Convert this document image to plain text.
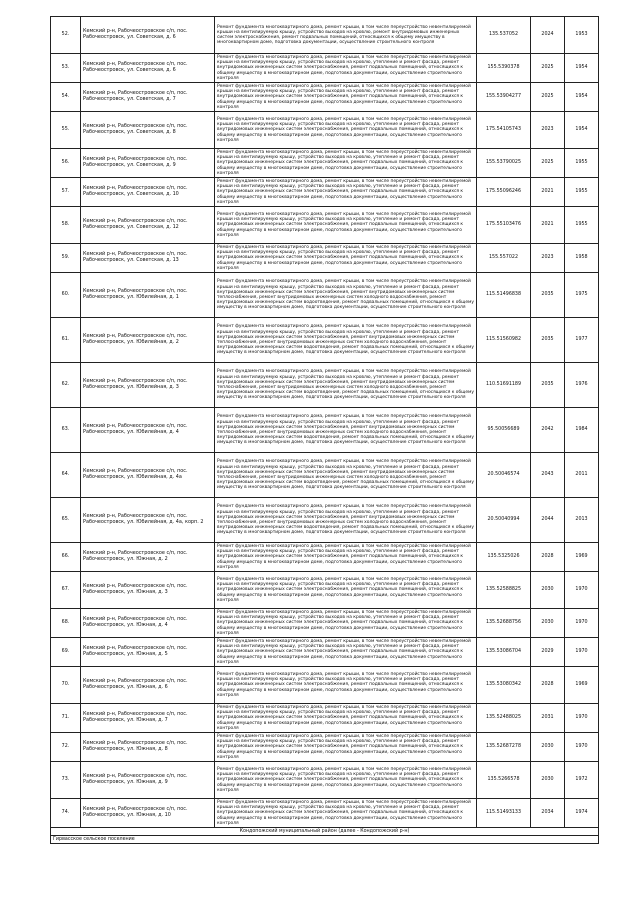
52.	Кемский р-н, Рабочеостровское с/п, пос. Рабочеостровск, ул. Советская, д. 6	Ремонт фундамента многоквартирного дома, ремонт крыши, в том числе переустройство невентилируемой крыши на вентилируемую крышу, устройство выходов на кровлю, ремонт внутридомовых инженерных систем электроснабжения, ремонт подвальных помещений, относящихся к общему имуществу в многоквартирном доме, подготовка документации, осуществление строительного контроля	135.537052	2024	1953
53.	Кемский р-н, Рабочеостровское с/п, пос. Рабочеостровск, ул. Советская, д. 6	Ремонт фундамента многоквартирного дома, ремонт крыши, в том числе переустройство невентилируемой крыши на вентилируемую крышу, устройство выходов на кровлю, утепление и ремонт фасада, ремонт внутридомовых инженерных систем электроснабжения, ремонт подвальных помещений, относящихся к общему имуществу в многоквартирном доме, подготовка документации, осуществление строительного контроля	155.5390378	2025	1954
54.	Кемский р-н, Рабочеостровское с/п, пос. Рабочеостровск, ул. Советская, д. 7	Ремонт фундамента многоквартирного дома, ремонт крыши, в том числе переустройство невентилируемой крыши на вентилируемую крышу, устройство выходов на кровлю, утепление и ремонт фасада, ремонт внутридомовых инженерных систем электроснабжения, ремонт подвальных помещений, относящихся к общему имуществу в многоквартирном доме, подготовка документации, осуществление строительного контроля	155.53904277	2025	1954
55.	Кемский р-н, Рабочеостровское с/п, пос. Рабочеостровск, ул. Советская, д. 8	Ремонт фундамента многоквартирного дома, ремонт крыши, в том числе переустройство невентилируемой крыши на вентилируемую крышу, устройство выходов на кровлю, утепление и ремонт фасада, ремонт внутридомовых инженерных систем электроснабжения, ремонт подвальных помещений, относящихся к общему имуществу в многоквартирном доме, подготовка документации, осуществление строительного контроля	175.54105743	2023	1954
56.	Кемский р-н, Рабочеостровское с/п, пос. Рабочеостровск, ул. Советская, д. 9	Ремонт фундамента многоквартирного дома, ремонт крыши, в том числе переустройство невентилируемой крыши на вентилируемую крышу, устройство выходов на кровлю, утепление и ремонт фасада, ремонт внутридомовых инженерных систем электроснабжения, ремонт подвальных помещений, относящихся к общему имуществу в многоквартирном доме, подготовка документации, осуществление строительного контроля	155.53790025	2025	1955
57.	Кемский р-н, Рабочеостровское с/п, пос. Рабочеостровск, ул. Советская, д. 10	Ремонт фундамента многоквартирного дома, ремонт крыши, в том числе переустройство невентилируемой крыши на вентилируемую крышу, устройство выходов на кровлю, утепление и ремонт фасада, ремонт внутридомовых инженерных систем электроснабжения, ремонт подвальных помещений, относящихся к общему имуществу в многоквартирном доме, подготовка документации, осуществление строительного контроля	175.55096246	2021	1955
58.	Кемский р-н, Рабочеостровское с/п, пос. Рабочеостровск, ул. Советская, д. 12	Ремонт фундамента многоквартирного дома, ремонт крыши, в том числе переустройство невентилируемой крыши на вентилируемую крышу, устройство выходов на кровлю, утепление и ремонт фасада, ремонт внутридомовых инженерных систем электроснабжения, ремонт подвальных помещений, относящихся к общему имуществу в многоквартирном доме, подготовка документации, осуществление строительного контроля	175.55103476	2021	1955
59.	Кемский р-н, Рабочеостровское с/п, пос. Рабочеостровск, ул. Советская, д. 13	Ремонт фундамента многоквартирного дома, ремонт крыши, в том числе переустройство невентилируемой крыши на вентилируемую крышу, устройство выходов на кровлю, утепление и ремонт фасада, ремонт внутридомовых инженерных систем электроснабжения, ремонт подвальных помещений, относящихся к общему имуществу в многоквартирном доме, подготовка документации, осуществление строительного контроля	155.557022	2023	1958
60.	Кемский р-н, Рабочеостровское с/п, пос. Рабочеостровск, ул. Юбилейная, д. 1	Ремонт фундамента многоквартирного дома, ремонт крыши, в том числе переустройство невентилируемой крыши на вентилируемую крышу, устройство выходов на кровлю, утепление и ремонт фасада, ремонт внутридомовых инженерных систем электроснабжения, ремонт внутридомовых инженерных систем теплоснабжения, ремонт внутридомовых инженерных систем холодного водоснабжения, ремонт внутридомовых инженерных систем водоотведения, ремонт подвальных помещений, относящихся к общему имуществу в многоквартирном доме, подготовка документации, осуществление строительного контроля	115.51496838	2035	1975
61.	Кемский р-н, Рабочеостровское с/п, пос. Рабочеостровск, ул. Юбилейная, д. 2	Ремонт фундамента многоквартирного дома, ремонт крыши, в том числе переустройство невентилируемой крыши на вентилируемую крышу, устройство выходов на кровлю, утепление и ремонт фасада, ремонт внутридомовых инженерных систем электроснабжения, ремонт внутридомовых инженерных систем теплоснабжения, ремонт внутридомовых инженерных систем холодного водоснабжения, ремонт внутридомовых инженерных систем водоотведения, ремонт подвальных помещений, относящихся к общему имуществу в многоквартирном доме, подготовка документации, осуществление строительного контроля	115.51560982	2035	1977
62.	Кемский р-н, Рабочеостровское с/п, пос. Рабочеостровск, ул. Юбилейная, д. 3	Ремонт фундамента многоквартирного дома, ремонт крыши, в том числе переустройство невентилируемой крыши на вентилируемую крышу, устройство выходов на кровлю, утепление и ремонт фасада, ремонт внутридомовых инженерных систем электроснабжения, ремонт внутридомовых инженерных систем теплоснабжения, ремонт внутридомовых инженерных систем холодного водоснабжения, ремонт внутридомовых инженерных систем водоотведения, ремонт подвальных помещений, относящихся к общему имуществу в многоквартирном доме, подготовка документации, осуществление строительного контроля	110.51691189	2035	1976
63.	Кемский р-н, Рабочеостровское с/п, пос. Рабочеостровск, ул. Юбилейная, д. 4	Ремонт фундамента многоквартирного дома, ремонт крыши, в том числе переустройство невентилируемой крыши на вентилируемую крышу, устройство выходов на кровлю, утепление и ремонт фасада, ремонт внутридомовых инженерных систем электроснабжения, ремонт внутридомовых инженерных систем теплоснабжения, ремонт внутридомовых инженерных систем холодного водоснабжения, ремонт внутридомовых инженерных систем водоотведения, ремонт подвальных помещений, относящихся к общему имуществу в многоквартирном доме, подготовка документации, осуществление строительного контроля	95.50056689	2042	1984
64.	Кемский р-н, Рабочеостровское с/п, пос. Рабочеостровск, ул. Юбилейная, д. 4а	Ремонт фундамента многоквартирного дома, ремонт крыши, в том числе переустройство невентилируемой крыши на вентилируемую крышу, устройство выходов на кровлю, утепление и ремонт фасада, ремонт внутридомовых инженерных систем электроснабжения, ремонт внутридомовых инженерных систем теплоснабжения, ремонт внутридомовых инженерных систем холодного водоснабжения, ремонт внутридомовых инженерных систем водоотведения, ремонт подвальных помещений, относящихся к общему имуществу в многоквартирном доме, подготовка документации, осуществление строительного контроля	20.50046574	2043	2011
65.	Кемский р-н, Рабочеостровское с/п, пос. Рабочеостровск, ул. Юбилейная, д. 4а, корп. 2	Ремонт фундамента многоквартирного дома, ремонт крыши, в том числе переустройство невентилируемой крыши на вентилируемую крышу, устройство выходов на кровлю, утепление и ремонт фасада, ремонт внутридомовых инженерных систем электроснабжения, ремонт внутридомовых инженерных систем теплоснабжения, ремонт внутридомовых инженерных систем холодного водоснабжения, ремонт внутридомовых инженерных систем водоотведения, ремонт подвальных помещений, относящихся к общему имуществу в многоквартирном доме, подготовка документации, осуществление строительного контроля	20.50040994	2044	2013
66.	Кемский р-н, Рабочеостровское с/п, пос. Рабочеостровск, ул. Южная, д. 2	Ремонт фундамента многоквартирного дома, ремонт крыши, в том числе переустройство невентилируемой крыши на вентилируемую крышу, устройство выходов на кровлю, утепление и ремонт фасада, ремонт внутридомовых инженерных систем электроснабжения, ремонт подвальных помещений, относящихся к общему имуществу в многоквартирном доме, подготовка документации, осуществление строительного контроля	135.5325026	2028	1969
67.	Кемский р-н, Рабочеостровское с/п, пос. Рабочеостровск, ул. Южная, д. 3	Ремонт фундамента многоквартирного дома, ремонт крыши, в том числе переустройство невентилируемой крыши на вентилируемую крышу, устройство выходов на кровлю, утепление и ремонт фасада, ремонт внутридомовых инженерных систем электроснабжения, ремонт подвальных помещений, относящихся к общему имуществу в многоквартирном доме, подготовка документации, осуществление строительного контроля	135.52588825	2030	1970
68.	Кемский р-н, Рабочеостровское с/п, пос. Рабочеостровск, ул. Южная, д. 4	Ремонт фундамента многоквартирного дома, ремонт крыши, в том числе переустройство невентилируемой крыши на вентилируемую крышу, устройство выходов на кровлю, утепление и ремонт фасада, ремонт внутридомовых инженерных систем электроснабжения, ремонт подвальных помещений, относящихся к общему имуществу в многоквартирном доме, подготовка документации, осуществление строительного контроля	135.52688756	2030	1970
69.	Кемский р-н, Рабочеостровское с/п, пос. Рабочеостровск, ул. Южная, д. 5	Ремонт фундамента многоквартирного дома, ремонт крыши, в том числе переустройство невентилируемой крыши на вентилируемую крышу, устройство выходов на кровлю, утепление и ремонт фасада, ремонт внутридомовых инженерных систем электроснабжения, ремонт подвальных помещений, относящихся к общему имуществу в многоквартирном доме, подготовка документации, осуществление строительного контроля	135.53086704	2029	1970
70.	Кемский р-н, Рабочеостровское с/п, пос. Рабочеостровск, ул. Южная, д. 6	Ремонт фундамента многоквартирного дома, ремонт крыши, в том числе переустройство невентилируемой крыши на вентилируемую крышу, устройство выходов на кровлю, утепление и ремонт фасада, ремонт внутридомовых инженерных систем электроснабжения, ремонт подвальных помещений, относящихся к общему имуществу в многоквартирном доме, подготовка документации, осуществление строительного контроля	135.53080342	2028	1969
71.	Кемский р-н, Рабочеостровское с/п, пос. Рабочеостровск, ул. Южная, д. 7	Ремонт фундамента многоквартирного дома, ремонт крыши, в том числе переустройство невентилируемой крыши на вентилируемую крышу, устройство выходов на кровлю, утепление и ремонт фасада, ремонт внутридомовых инженерных систем электроснабжения, ремонт подвальных помещений, относящихся к общему имуществу в многоквартирном доме, подготовка документации, осуществление строительного контроля	135.52488025	2031	1970
72.	Кемский р-н, Рабочеостровское с/п, пос. Рабочеостровск, ул. Южная, д. 8	Ремонт фундамента многоквартирного дома, ремонт крыши, в том числе переустройство невентилируемой крыши на вентилируемую крышу, устройство выходов на кровлю, утепление и ремонт фасада, ремонт внутридомовых инженерных систем электроснабжения, ремонт подвальных помещений, относящихся к общему имуществу в многоквартирном доме, подготовка документации, осуществление строительного контроля	135.52687278	2030	1970
73.	Кемский р-н, Рабочеостровское с/п, пос. Рабочеостровск, ул. Южная, д. 9	Ремонт фундамента многоквартирного дома, ремонт крыши, в том числе переустройство невентилируемой крыши на вентилируемую крышу, устройство выходов на кровлю, утепление и ремонт фасада, ремонт внутридомовых инженерных систем электроснабжения, ремонт подвальных помещений, относящихся к общему имуществу в многоквартирном доме, подготовка документации, осуществление строительного контроля	135.5266578	2030	1972
74.	Кемский р-н, Рабочеостровское с/п, пос. Рабочеостровск, ул. Южная, д. 10	Ремонт фундамента многоквартирного дома, ремонт крыши, в том числе переустройство невентилируемой крыши на вентилируемую крышу, устройство выходов на кровлю, утепление и ремонт фасада, ремонт внутридомовых инженерных систем электроснабжения, ремонт подвальных помещений, относящихся к общему имуществу в многоквартирном доме, подготовка документации, осуществление строительного контроля	115.51493133	2034	1974
Кондопожский муниципальный район (далее - Кондопожский р-н)					
Гирвасское сельское поселение					
